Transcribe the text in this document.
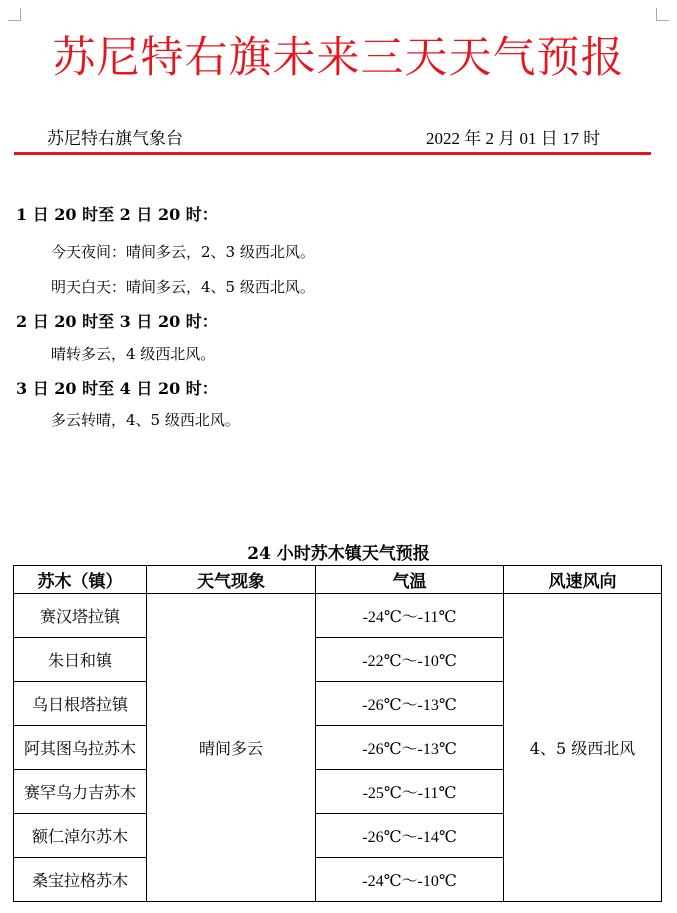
苏尼特右旗未来三天天气预报
苏尼特右旗气象台	2022 年 2 月 01 日 17 时
1 日 20 时至 2 日 20 时：
今天夜间：晴间多云，2、3 级西北风。
明天白天：晴间多云，4、5 级西北风。
2 日 20 时至 3 日 20 时：
晴转多云，4 级西北风。
3 日 20 时至 4 日 20 时：
多云转晴，4、5 级西北风。
24 小时苏木镇天气预报
苏木（镇）	天气现象	气温	风速风向
赛汉塔拉镇	晴间多云	-24℃～-11℃	4、5 级西北风
朱日和镇		-22℃～-10℃	
乌日根塔拉镇		-26℃～-13℃	
阿其图乌拉苏木		-26℃～-13℃	
赛罕乌力吉苏木		-25℃～-11℃	
额仁淖尔苏木		-26℃～-14℃	
桑宝拉格苏木		-24℃～-10℃	
